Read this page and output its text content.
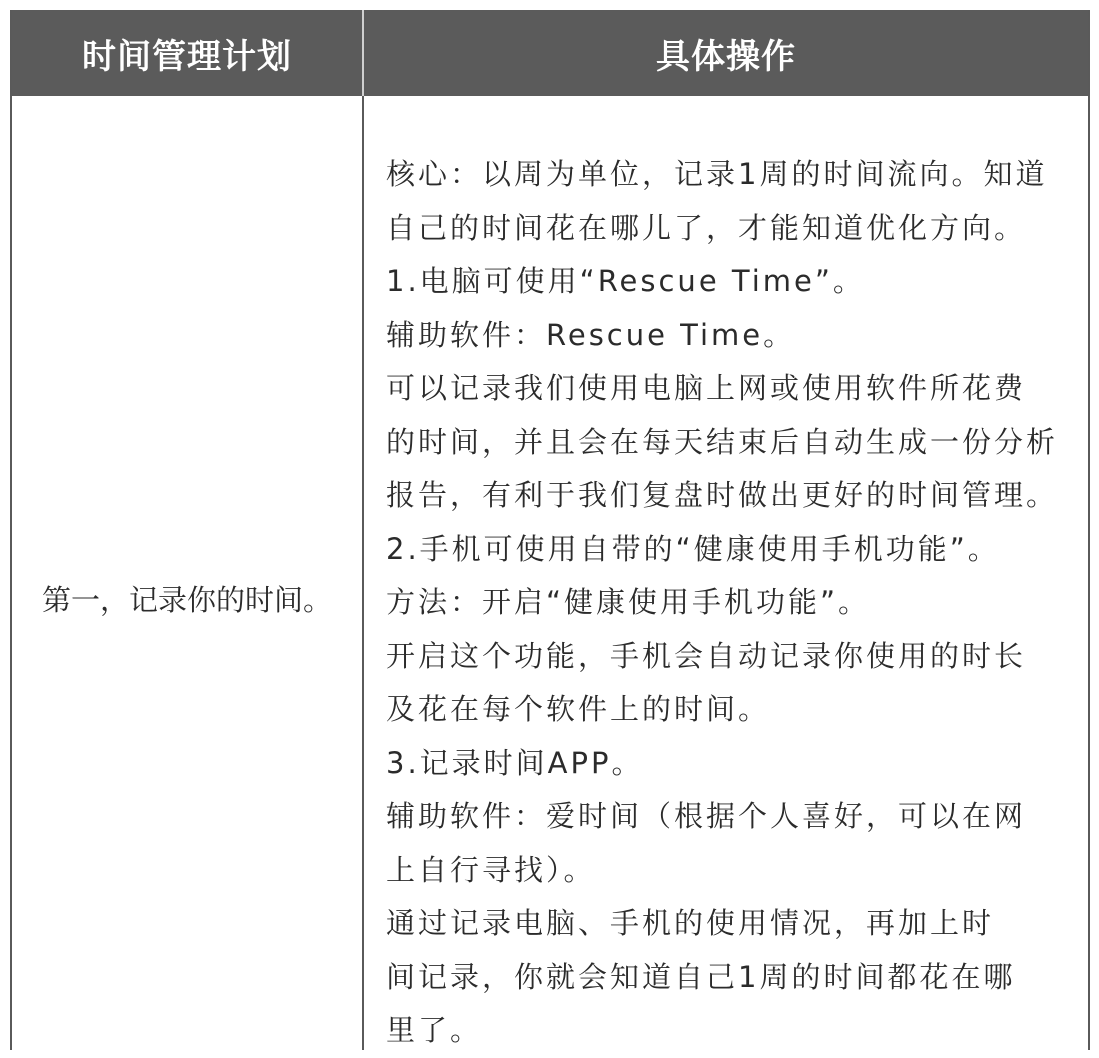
时间管理计划	具体操作
第一，记录你的时间。
核心：以周为单位，记录1周的时间流向。知道
自己的时间花在哪儿了，才能知道优化方向。
1.电脑可使用“Rescue Time”。
辅助软件：Rescue Time。
可以记录我们使用电脑上网或使用软件所花费
的时间，并且会在每天结束后自动生成一份分析
报告，有利于我们复盘时做出更好的时间管理。
2.手机可使用自带的“健康使用手机功能”。
方法：开启“健康使用手机功能”。
开启这个功能，手机会自动记录你使用的时长
及花在每个软件上的时间。
3.记录时间APP。
辅助软件：爱时间（根据个人喜好，可以在网
上自行寻找）。
通过记录电脑、手机的使用情况，再加上时
间记录，你就会知道自己1周的时间都花在哪
里了。
